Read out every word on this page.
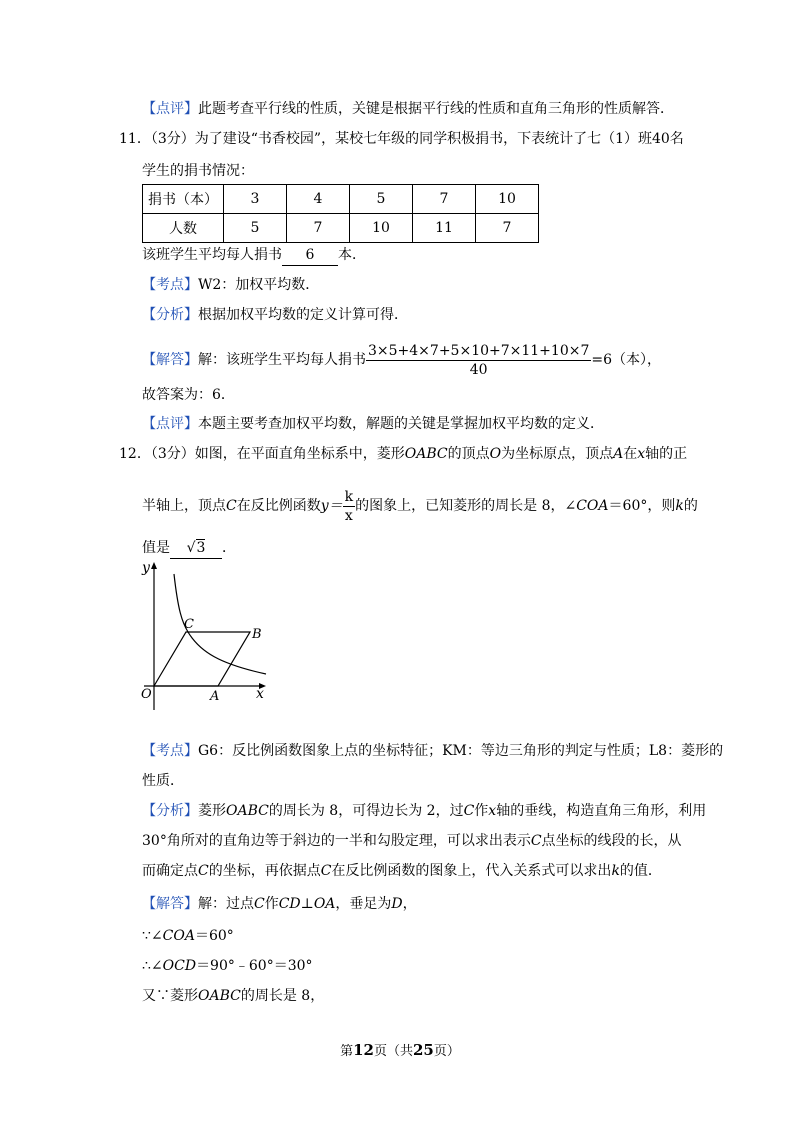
【点评】此题考查平行线的性质，关键是根据平行线的性质和直角三角形的性质解答．
11．（3分）为了建设“书香校园”，某校七年级的同学积极捐书，下表统计了七（1）班40名
学生的捐书情况：
捐书（本）	3	4	5	7	10
人数	5	7	10	11	7
该班学生平均每人捐书 6 本．
【考点】W2：加权平均数．
【分析】根据加权平均数的定义计算可得．
【解答】解：该班学生平均每人捐书 $\frac{3\times 5+4\times 7+5\times 10+7\times 11+10\times 7}{40} =6$（本），
故答案为：6．
【点评】本题主要考查加权平均数，解题的关键是掌握加权平均数的定义．
12．（3分）如图，在平面直角坐标系中，菱形OABC的顶点O为坐标原点，顶点A在x轴的正
半轴上，顶点C在反比例函数$y= \frac{k}{x}$ 的图象上，已知菱形的周长是 8，∠COA＝60°，则k的
值是 √3 ．
y
x
O	A
B
C
【考点】G6：反比例函数图象上点的坐标特征；KM：等边三角形的判定与性质；L8：菱形的
性质．
【分析】菱形OABC的周长为 8，可得边长为 2，过C作x轴的垂线，构造直角三角形，利用
30°角所对的直角边等于斜边的一半和勾股定理，可以求出表示C点坐标的线段的长，从
而确定点C的坐标，再依据点C在反比例函数的图象上，代入关系式可以求出k的值．
【解答】解：过点C作CD⊥OA，垂足为D，
∵∠COA＝60°
∴∠OCD＝90°﹣60°＝30°
又∵菱形OABC的周长是 8，
第12页（共25页）
